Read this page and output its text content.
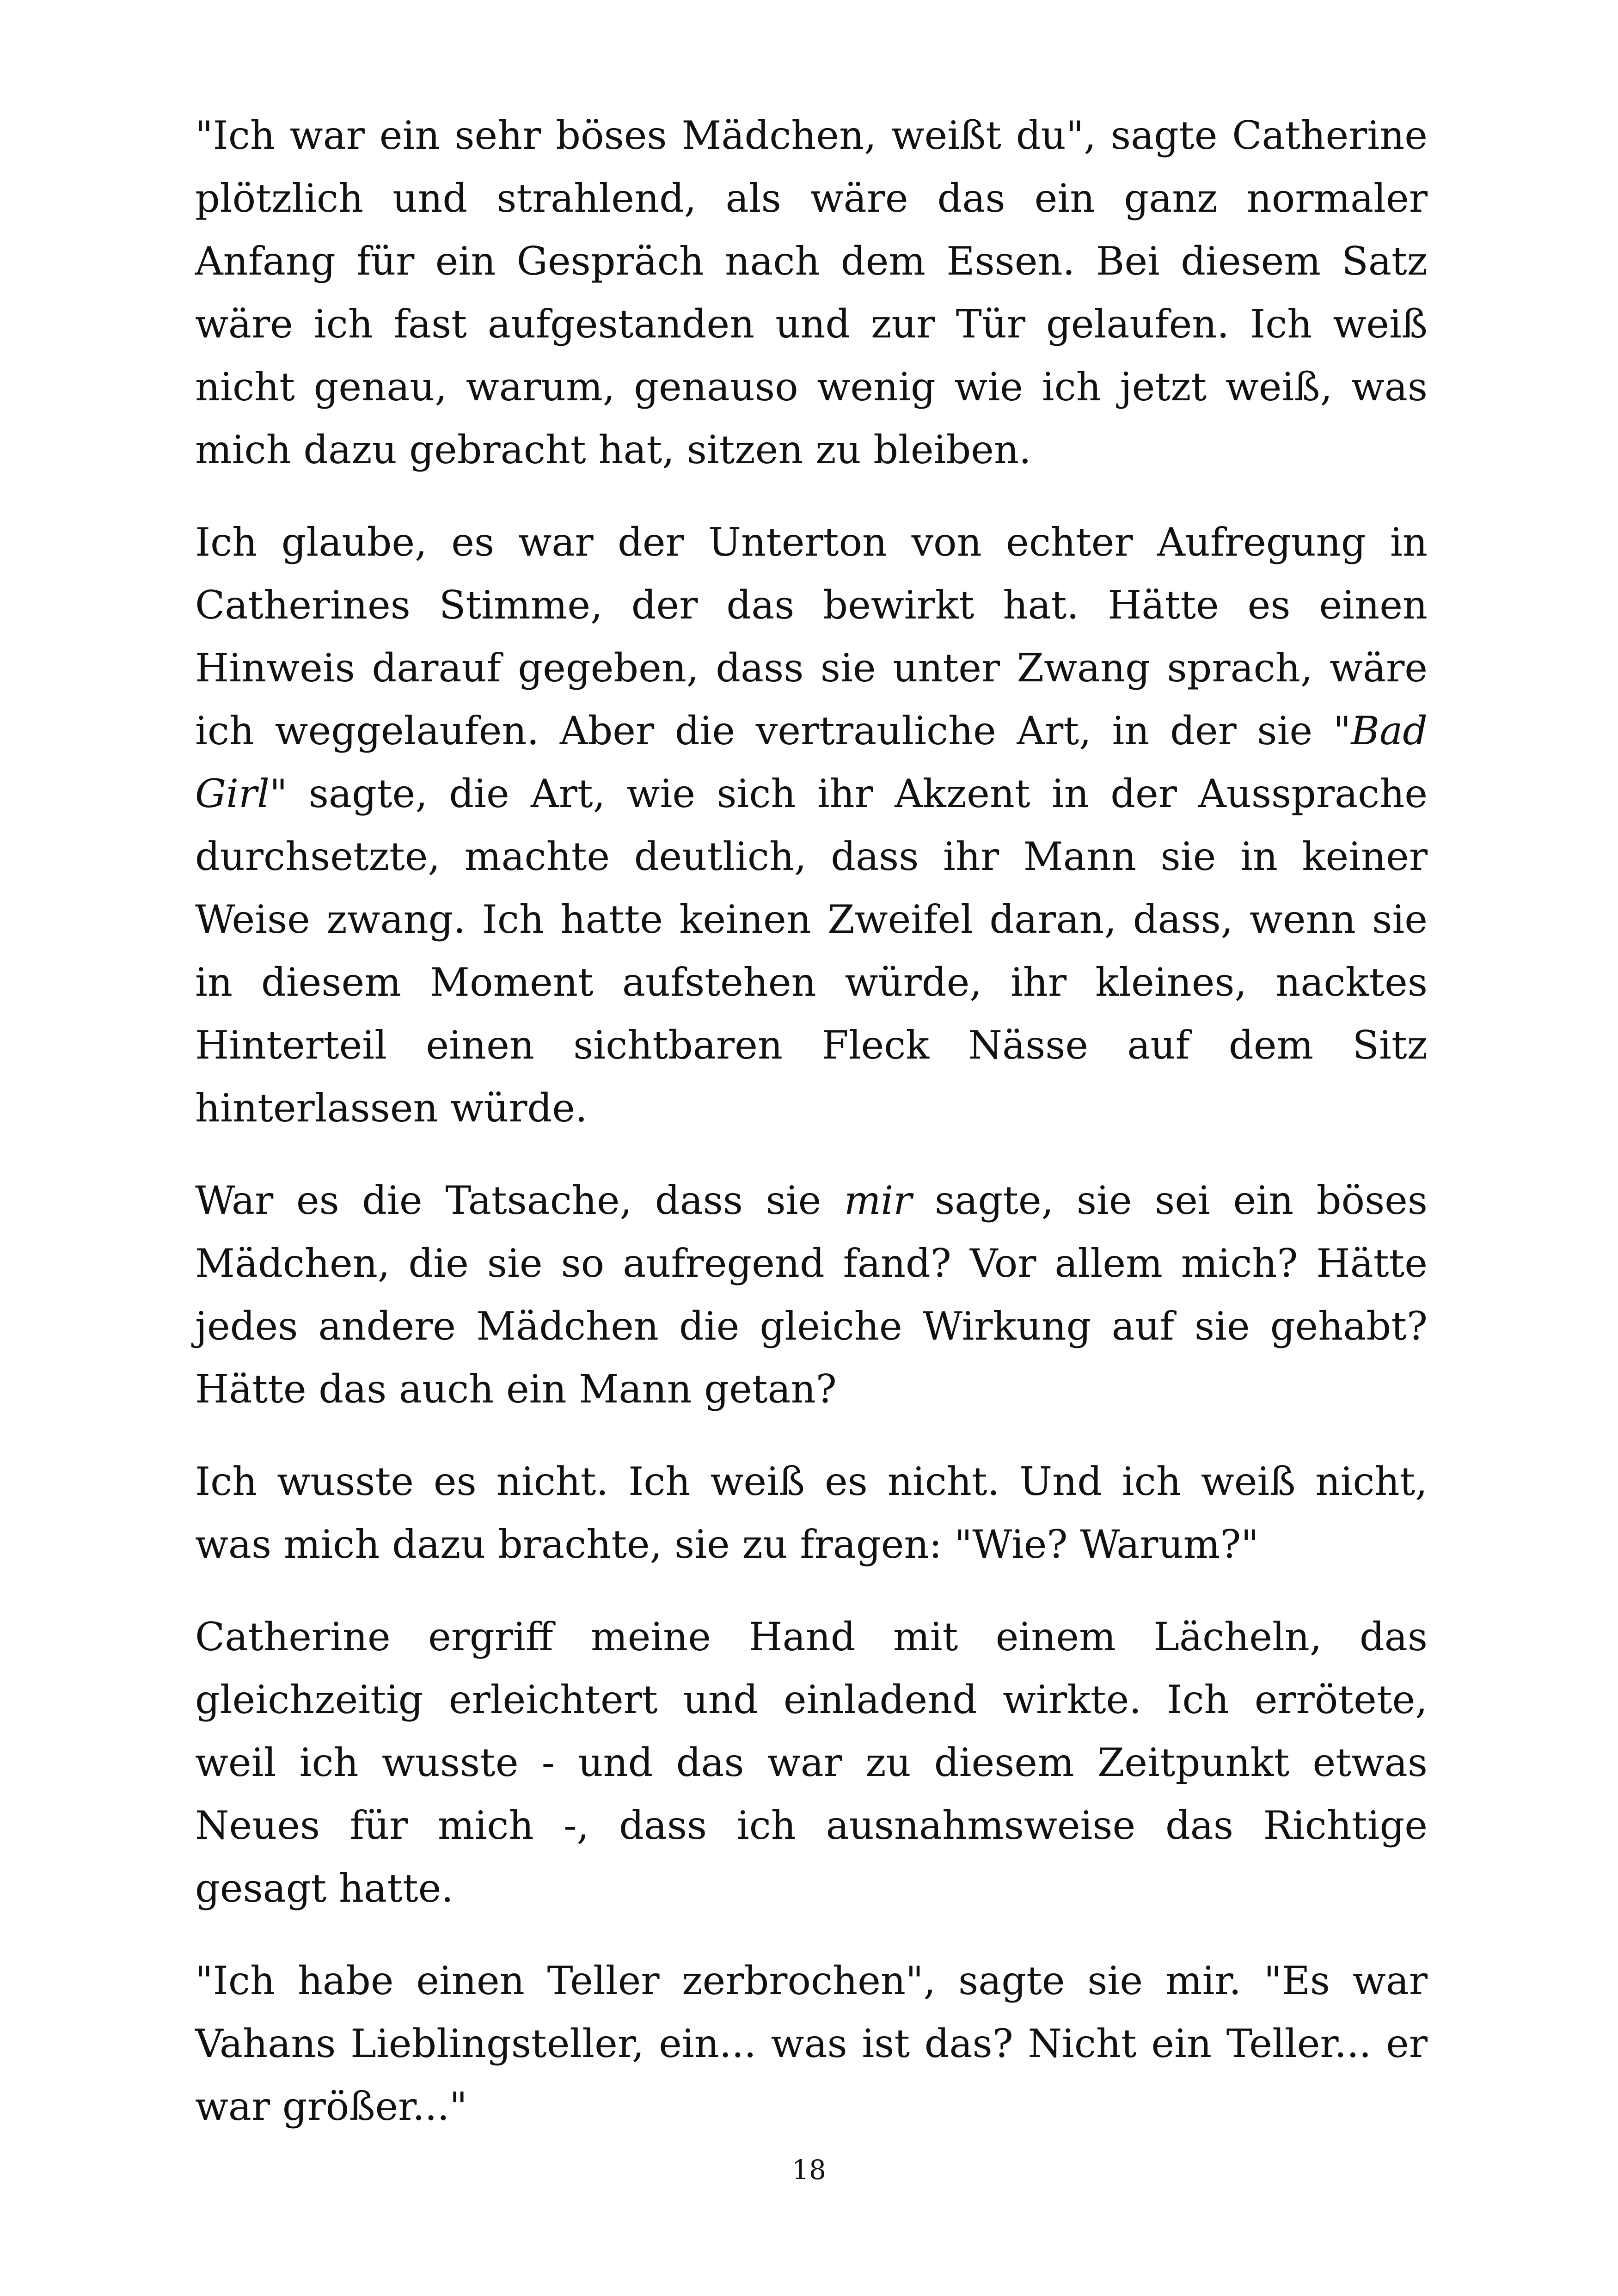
"Ich war ein sehr böses Mädchen, weißt du", sagte Catherine plötzlich und strahlend, als wäre das ein ganz normaler Anfang für ein Gespräch nach dem Essen. Bei diesem Satz wäre ich fast aufgestanden und zur Tür gelaufen. Ich weiß nicht genau, warum, genauso wenig wie ich jetzt weiß, was mich dazu gebracht hat, sitzen zu bleiben.

Ich glaube, es war der Unterton von echter Aufregung in Catherines Stimme, der das bewirkt hat. Hätte es einen Hinweis darauf gegeben, dass sie unter Zwang sprach, wäre ich weggelaufen. Aber die vertrauliche Art, in der sie "Bad Girl" sagte, die Art, wie sich ihr Akzent in der Aussprache durchsetzte, machte deutlich, dass ihr Mann sie in keiner Weise zwang. Ich hatte keinen Zweifel daran, dass, wenn sie in diesem Moment aufstehen würde, ihr kleines, nacktes Hinterteil einen sichtbaren Fleck Nässe auf dem Sitz hinterlassen würde.

War es die Tatsache, dass sie mir sagte, sie sei ein böses Mädchen, die sie so aufregend fand? Vor allem mich? Hätte jedes andere Mädchen die gleiche Wirkung auf sie gehabt? Hätte das auch ein Mann getan?

Ich wusste es nicht. Ich weiß es nicht. Und ich weiß nicht, was mich dazu brachte, sie zu fragen: "Wie? Warum?"

Catherine ergriff meine Hand mit einem Lächeln, das gleichzeitig erleichtert und einladend wirkte. Ich errötete, weil ich wusste - und das war zu diesem Zeitpunkt etwas Neues für mich -, dass ich ausnahmsweise das Richtige gesagt hatte.

"Ich habe einen Teller zerbrochen", sagte sie mir. "Es war Vahans Lieblingsteller, ein... was ist das? Nicht ein Teller... er war größer..."

18
